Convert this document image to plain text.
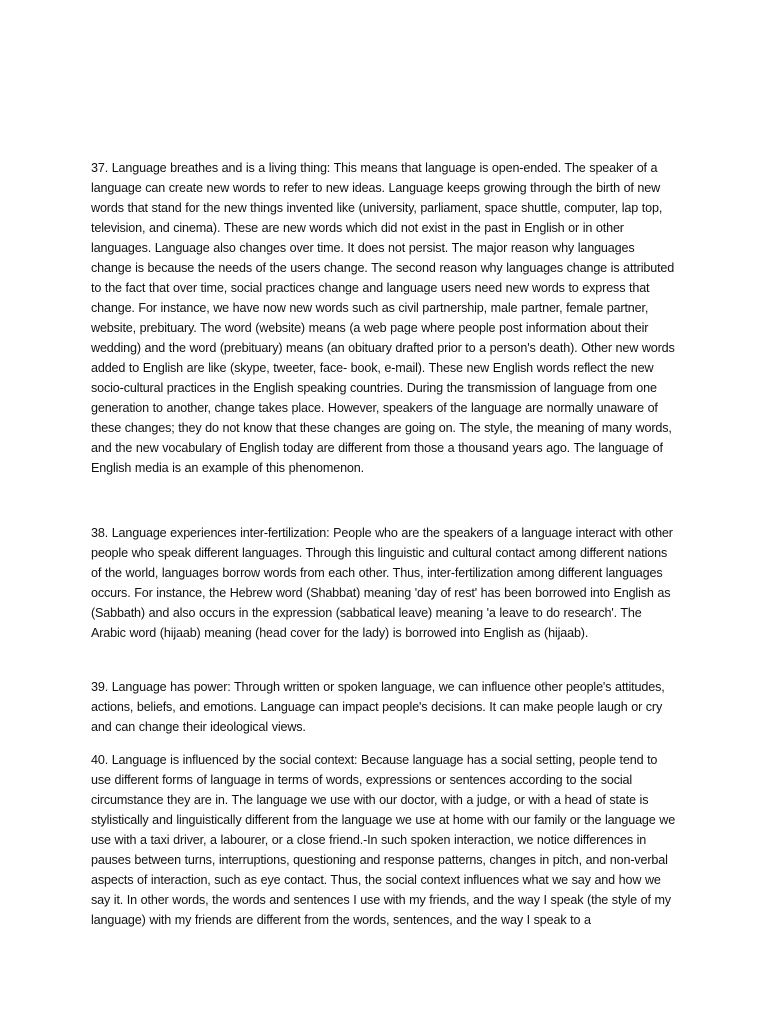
37. Language breathes and is a living thing: This means that language is open-ended. The speaker of a language can create new words to refer to new ideas. Language keeps growing through the birth of new words that stand for the new things invented like (university, parliament, space shuttle, computer, lap top, television, and cinema). These are new words which did not exist in the past in English or in other languages. Language also changes over time. It does not persist. The major reason why languages change is because the needs of the users change. The second reason why languages change is attributed to the fact that over time, social practices change and language users need new words to express that change. For instance, we have now new words such as civil partnership, male partner, female partner, website, prebituary. The word (website) means (a web page where people post information about their wedding) and the word (prebituary) means (an obituary drafted prior to a person's death). Other new words added to English are like (skype, tweeter, face- book, e-mail). These new English words reflect the new socio-cultural practices in the English speaking countries. During the transmission of language from one generation to another, change takes place. However, speakers of the language are normally unaware of these changes; they do not know that these changes are going on. The style, the meaning of many words, and the new vocabulary of English today are different from those a thousand years ago. The language of English media is an example of this phenomenon.

38. Language experiences inter-fertilization: People who are the speakers of a language interact with other people who speak different languages. Through this linguistic and cultural contact among different nations of the world, languages borrow words from each other. Thus, inter-fertilization among different languages occurs. For instance, the Hebrew word (Shabbat) meaning 'day of rest' has been borrowed into English as (Sabbath) and also occurs in the expression (sabbatical leave) meaning 'a leave to do research'. The Arabic word (hijaab) meaning (head cover for the lady) is borrowed into English as (hijaab).

39. Language has power: Through written or spoken language, we can influence other people's attitudes, actions, beliefs, and emotions. Language can impact people's decisions. It can make people laugh or cry and can change their ideological views.

40. Language is influenced by the social context: Because language has a social setting, people tend to use different forms of language in terms of words, expressions or sentences according to the social circumstance they are in. The language we use with our doctor, with a judge, or with a head of state is stylistically and linguistically different from the language we use at home with our family or the language we use with a taxi driver, a labourer, or a close friend.-In such spoken interaction, we notice differences in pauses between turns, interruptions, questioning and response patterns, changes in pitch, and non-verbal aspects of interaction, such as eye contact. Thus, the social context influences what we say and how we say it. In other words, the words and sentences I use with my friends, and the way I speak (the style of my language) with my friends are different from the words, sentences, and the way I speak to a
